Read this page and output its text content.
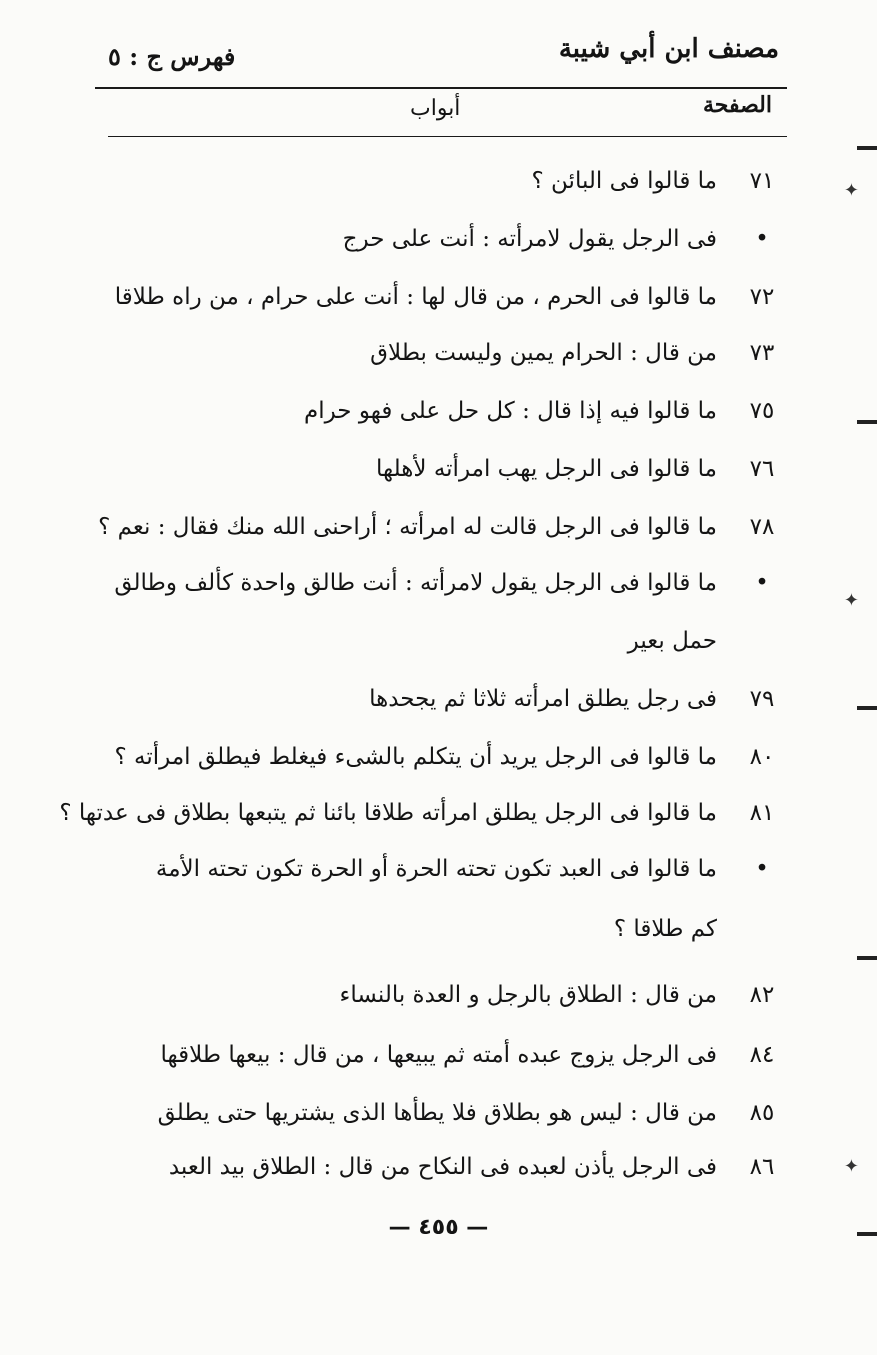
مصنف ابن أبي شيبة
فهرس ج : ٥
الصفحة
أبواب
٧١
ما قالوا فى البائن ؟
•
فى الرجل يقول لامرأته : أنت على حرج
٧٢
ما قالوا فى الحرم ، من قال لها : أنت على حرام ، من راه طلاقا
٧٣
من قال : الحرام يمين وليست بطلاق
٧٥
ما قالوا فيه إذا قال : كل حل على فهو حرام
٧٦
ما قالوا فى الرجل يهب امرأته لأهلها
٧٨
ما قالوا فى الرجل قالت له امرأته ؛ أراحنى الله منك فقال : نعم ؟
•
ما قالوا فى الرجل يقول لامرأته : أنت طالق واحدة كألف وطالق
حمل بعير
٧٩
فى رجل يطلق امرأته ثلاثا ثم يجحدها
٨٠
ما قالوا فى الرجل يريد أن يتكلم بالشىء فيغلط فيطلق امرأته ؟
٨١
ما قالوا فى الرجل يطلق امرأته طلاقا بائنا ثم يتبعها بطلاق فى عدتها ؟
•
ما قالوا فى العبد تكون تحته الحرة أو الحرة تكون تحته الأمة
كم طلاقا ؟
٨٢
من قال : الطلاق بالرجل و العدة بالنساء
٨٤
فى الرجل يزوج عبده أمته ثم يبيعها ، من قال : بيعها طلاقها
٨٥
من قال : ليس هو بطلاق فلا يطأها الذى يشتريها حتى يطلق
٨٦
فى الرجل يأذن لعبده فى النكاح من قال : الطلاق بيد العبد
— ٤٥٥ —
✦
✦
✦
